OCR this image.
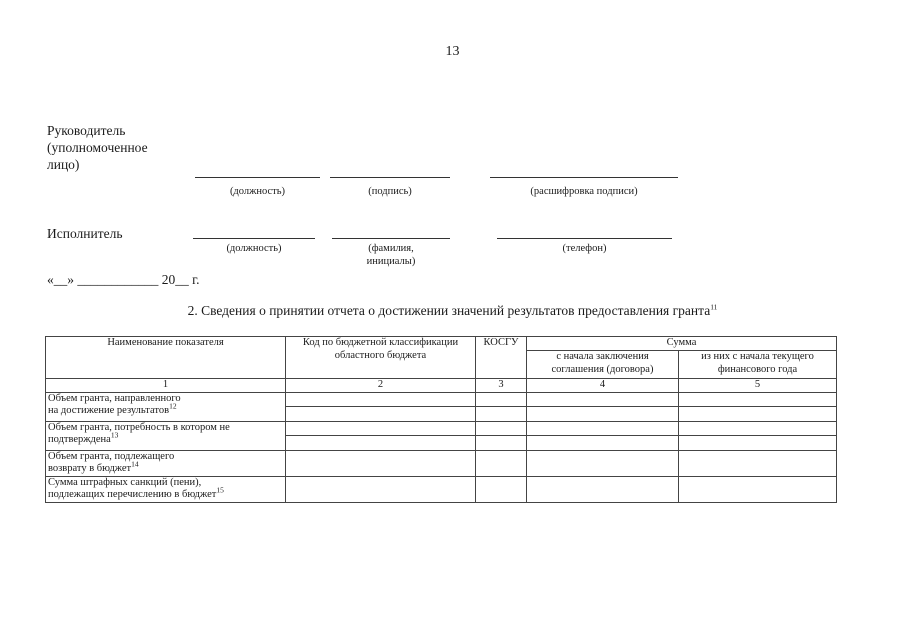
13
Руководитель
(уполномоченное
лицо)
(должность)	(подпись)	(расшифровка подписи)
Исполнитель
(должность)	(фамилия,
инициалы)
(телефон)
«__» ____________ 20__ г.
2. Сведения о принятии отчета о достижении значений результатов предоставления гранта$^{11}$
Наименование показателя	Код по бюджетной классификации областного бюджета	КОСГУ	Сумма	
			с начала заключения соглашения (договора)	из них с начала текущего финансового года
1	2	3	4	5

Объем гранта, направленного
на достижение результатов$^{12}$

Объем гранта, потребность в котором не
подтверждена$^{13}$

Объем гранта, подлежащего
возврату в бюджет$^{14}$

Сумма штрафных санкций (пени),
подлежащих перечислению в бюджет$^{15}$
